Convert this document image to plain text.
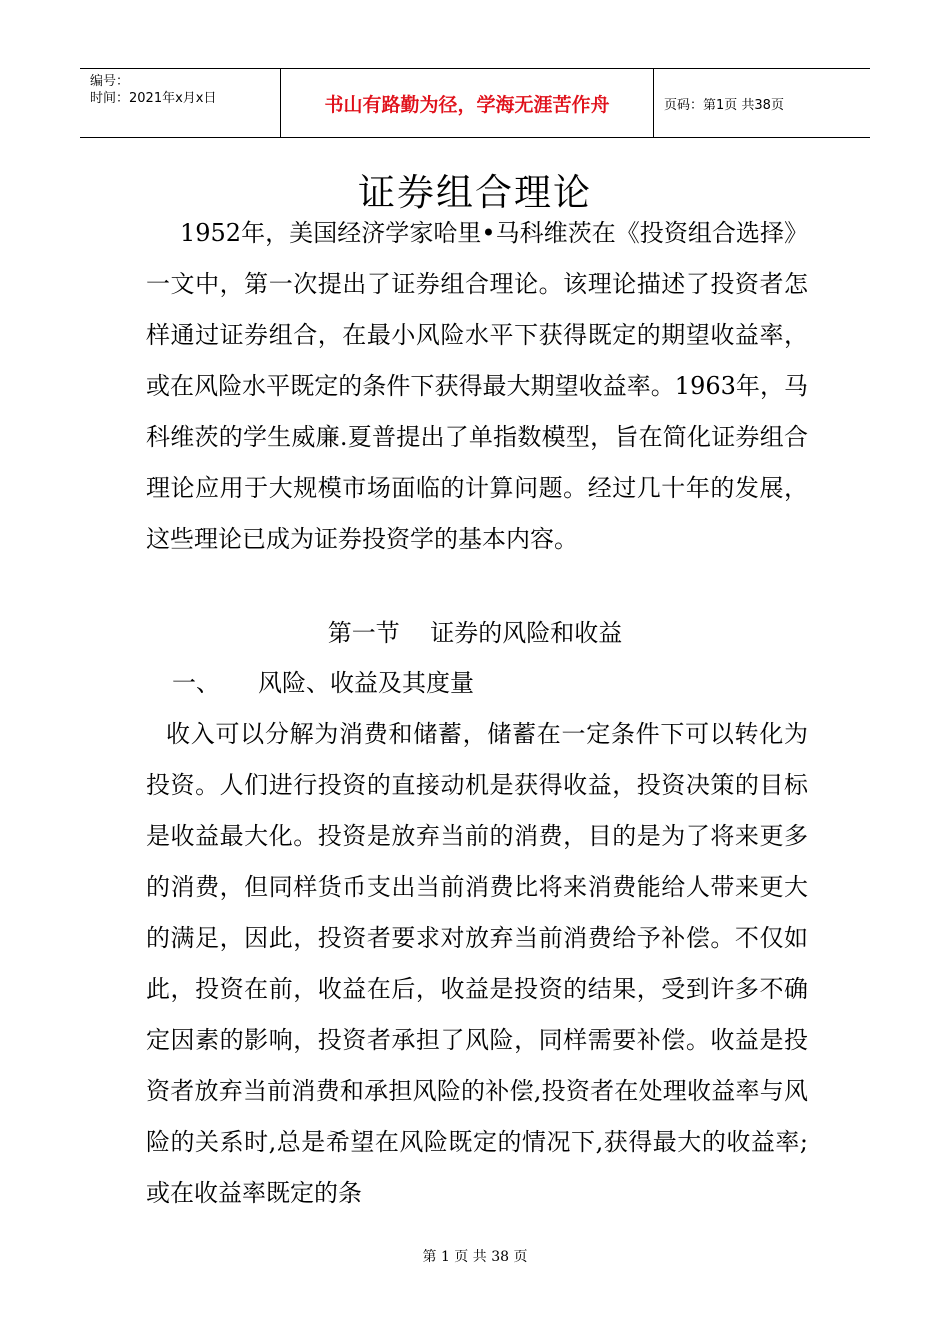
编号：
时间：2021年x月x日	书山有路勤为径，学海无涯苦作舟	页码：第1页 共38页
证券组合理论

1952年，美国经济学家哈里•马科维茨在《投资组合选择》一文中，第一次提出了证券组合理论。该理论描述了投资者怎样通过证券组合，在最小风险水平下获得既定的期望收益率，或在风险水平既定的条件下获得最大期望收益率。1963年，马科维茨的学生威廉.夏普提出了单指数模型，旨在简化证券组合理论应用于大规模市场面临的计算问题。经过几十年的发展，这些理论已成为证券投资学的基本内容。

第一节    证券的风险和收益
一、 风险、收益及其度量

收入可以分解为消费和储蓄，储蓄在一定条件下可以转化为投资。人们进行投资的直接动机是获得收益，投资决策的目标是收益最大化。投资是放弃当前的消费，目的是为了将来更多的消费，但同样货币支出当前消费比将来消费能给人带来更大的满足，因此，投资者要求对放弃当前消费给予补偿。不仅如此，投资在前，收益在后，收益是投资的结果，受到许多不确定因素的影响，投资者承担了风险，同样需要补偿。收益是投资者放弃当前消费和承担风险的补偿,投资者在处理收益率与风险的关系时,总是希望在风险既定的情况下,获得最大的收益率;或在收益率既定的条

第 1 页 共 38 页
